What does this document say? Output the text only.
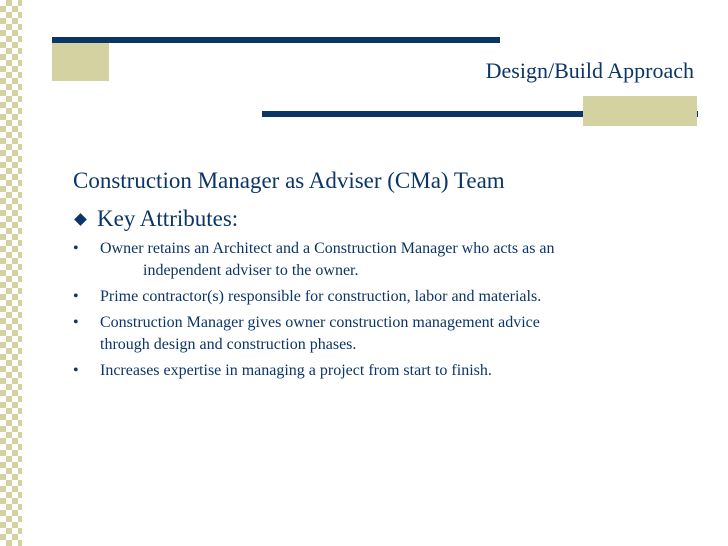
Design/Build Approach
Construction Manager as Adviser (CMa) Team
Key Attributes:
• Owner retains an Architect and a Construction Manager who acts as an
independent adviser to the owner.
• Prime contractor(s) responsible for construction, labor and materials.
• Construction Manager gives owner construction management advice
through design and construction phases.
• Increases expertise in managing a project from start to finish.
